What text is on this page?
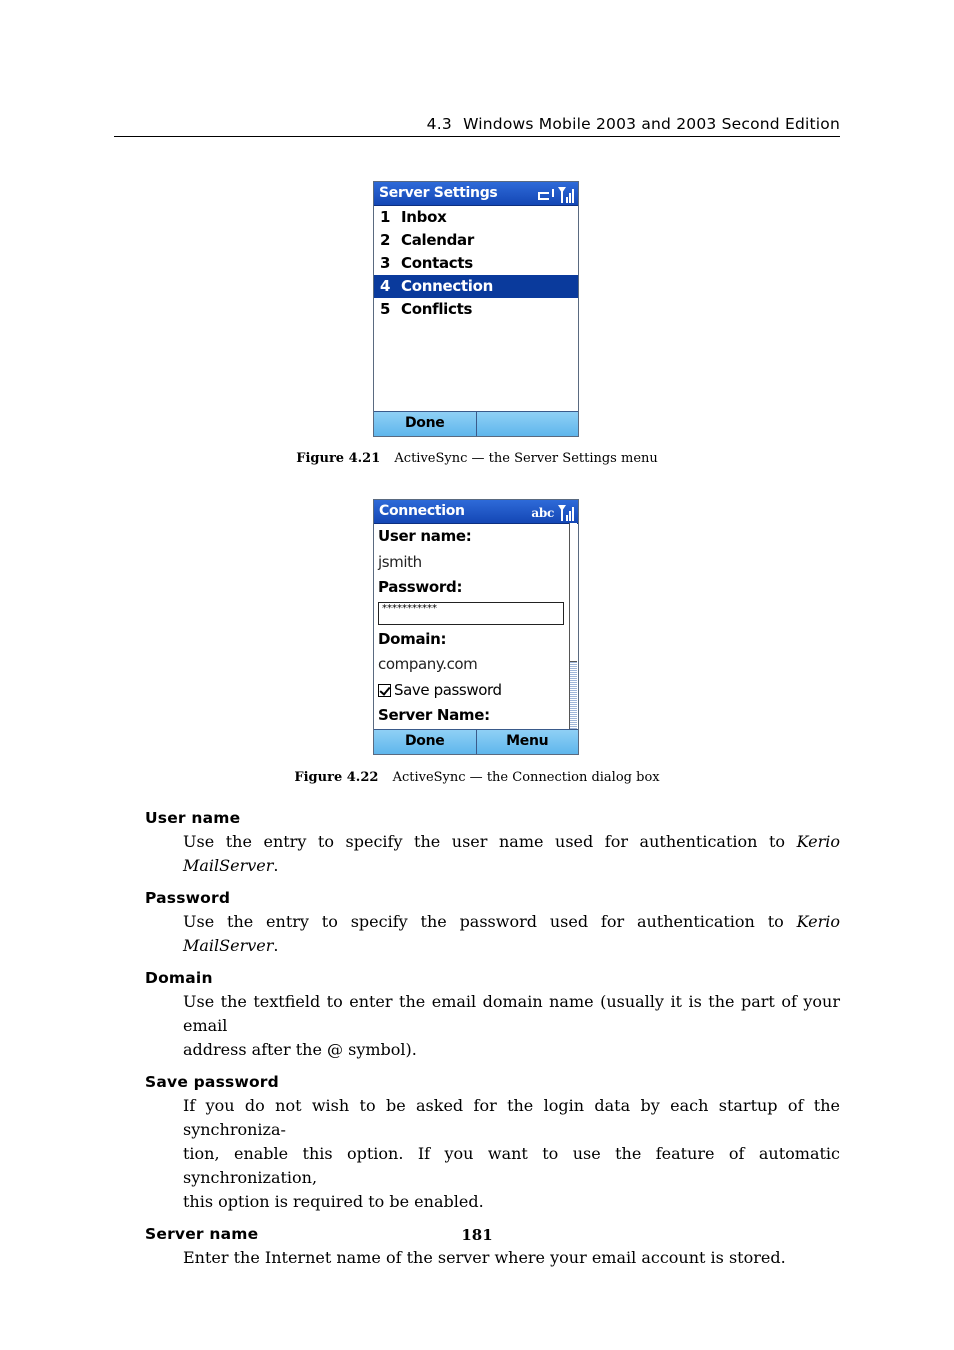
4.3 Windows Mobile 2003 and 2003 Second Edition
Server Settings
1 Inbox
2 Calendar
3 Contacts
4 Connection
5 Conflicts
Done
Figure 4.21 ActiveSync — the Server Settings menu
Connection	abc
User name:
jsmith
Password:
***********
Domain:
company.com
Save password
Server Name:
Done	Menu
Figure 4.22 ActiveSync — the Connection dialog box
User name
Use the entry to specify the user name used for authentication to Kerio MailServer.
Password
Use the entry to specify the password used for authentication to Kerio MailServer.
Domain
Use the textfield to enter the email domain name (usually it is the part of your email
address after the @ symbol).
Save password
If you do not wish to be asked for the login data by each startup of the synchroniza-
tion, enable this option. If you want to use the feature of automatic synchronization,
this option is required to be enabled.
Server name
Enter the Internet name of the server where your email account is stored.
181
